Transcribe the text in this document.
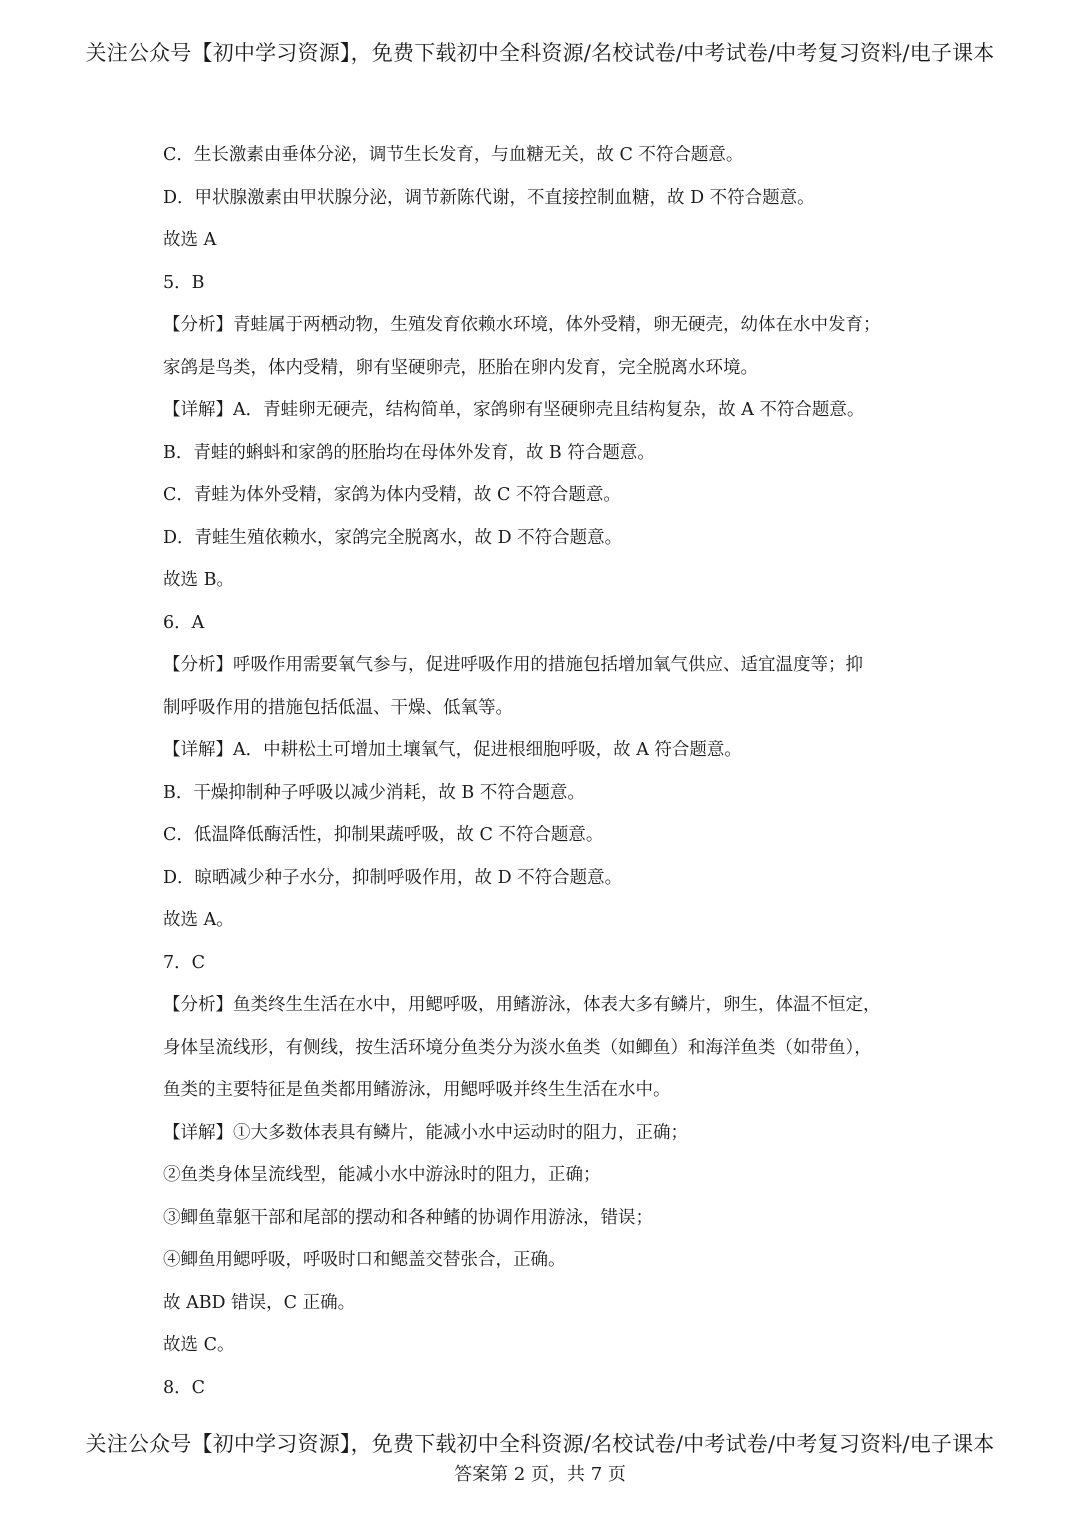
关注公众号【初中学习资源】，免费下载初中全科资源/名校试卷/中考试卷/中考复习资料/电子课本
C．生长激素由垂体分泌，调节生长发育，与血糖无关，故 C 不符合题意。
D．甲状腺激素由甲状腺分泌，调节新陈代谢，不直接控制血糖，故 D 不符合题意。
故选 A
5．B
【分析】青蛙属于两栖动物，生殖发育依赖水环境，体外受精，卵无硬壳，幼体在水中发育；
家鸽是鸟类，体内受精，卵有坚硬卵壳，胚胎在卵内发育，完全脱离水环境。
【详解】A．青蛙卵无硬壳，结构简单，家鸽卵有坚硬卵壳且结构复杂，故 A 不符合题意。
B．青蛙的蝌蚪和家鸽的胚胎均在母体外发育，故 B 符合题意。
C．青蛙为体外受精，家鸽为体内受精，故 C 不符合题意。
D．青蛙生殖依赖水，家鸽完全脱离水，故 D 不符合题意。
故选 B。
6．A
【分析】呼吸作用需要氧气参与，促进呼吸作用的措施包括增加氧气供应、适宜温度等；抑
制呼吸作用的措施包括低温、干燥、低氧等。
【详解】A．中耕松土可增加土壤氧气，促进根细胞呼吸，故 A 符合题意。
B．干燥抑制种子呼吸以减少消耗，故 B 不符合题意。
C．低温降低酶活性，抑制果蔬呼吸，故 C 不符合题意。
D．晾晒减少种子水分，抑制呼吸作用，故 D 不符合题意。
故选 A。
7．C
【分析】鱼类终生生活在水中，用鳃呼吸，用鳍游泳，体表大多有鳞片，卵生，体温不恒定，
身体呈流线形，有侧线，按生活环境分鱼类分为淡水鱼类（如鲫鱼）和海洋鱼类（如带鱼），
鱼类的主要特征是鱼类都用鳍游泳，用鳃呼吸并终生生活在水中。
【详解】①大多数体表具有鳞片，能减小水中运动时的阻力，正确；
②鱼类身体呈流线型，能减小水中游泳时的阻力，正确；
③鲫鱼靠躯干部和尾部的摆动和各种鳍的协调作用游泳，错误；
④鲫鱼用鳃呼吸，呼吸时口和鳃盖交替张合，正确。
故 ABD 错误，C 正确。
故选 C。
8．C
关注公众号【初中学习资源】，免费下载初中全科资源/名校试卷/中考试卷/中考复习资料/电子课本
答案第 2 页，共 7 页
